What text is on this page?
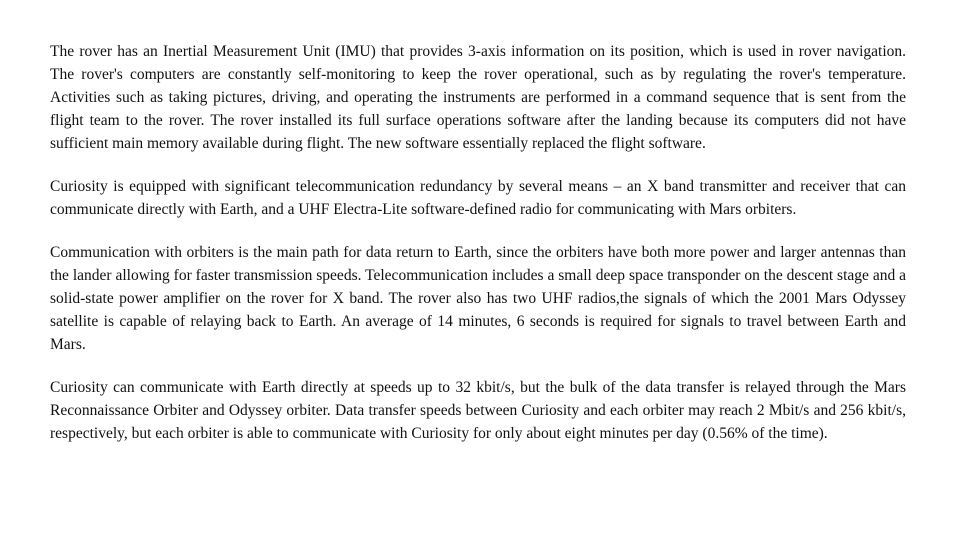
The rover has an Inertial Measurement Unit (IMU) that provides 3-axis information on its position, which is used in rover navigation. The rover's computers are constantly self-monitoring to keep the rover operational, such as by regulating the rover's temperature. Activities such as taking pictures, driving, and operating the instruments are performed in a command sequence that is sent from the flight team to the rover. The rover installed its full surface operations software after the landing because its computers did not have sufficient main memory available during flight. The new software essentially replaced the flight software.

Curiosity is equipped with significant telecommunication redundancy by several means – an X band transmitter and receiver that can communicate directly with Earth, and a UHF Electra-Lite software-defined radio for communicating with Mars orbiters.

Communication with orbiters is the main path for data return to Earth, since the orbiters have both more power and larger antennas than the lander allowing for faster transmission speeds. Telecommunication includes a small deep space transponder on the descent stage and a solid-state power amplifier on the rover for X band. The rover also has two UHF radios,the signals of which the 2001 Mars Odyssey satellite is capable of relaying back to Earth. An average of 14 minutes, 6 seconds is required for signals to travel between Earth and Mars.

Curiosity can communicate with Earth directly at speeds up to 32 kbit/s, but the bulk of the data transfer is relayed through the Mars Reconnaissance Orbiter and Odyssey orbiter. Data transfer speeds between Curiosity and each orbiter may reach 2 Mbit/s and 256 kbit/s, respectively, but each orbiter is able to communicate with Curiosity for only about eight minutes per day (0.56% of the time).
